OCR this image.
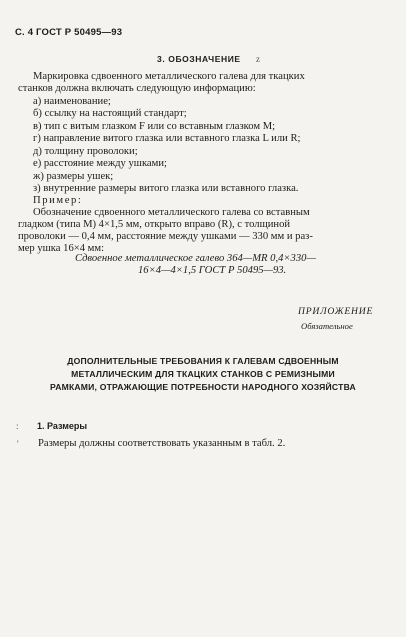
С. 4 ГОСТ Р 50495—93
3. ОБОЗНАЧЕНИЕ z
Маркировка сдвоенного металлического галева для ткацких
станков должна включать следующую информацию:
а) наименование;
б) ссылку на настоящий стандарт;
в) тип с витым глазком F или со вставным глазком M;
г) направление витого глазка или вставного глазка L или R;
д) толщину проволоки;
е) расстояние между ушками;
ж) размеры ушек;
з) внутренние размеры витого глазка или вставного глазка.
Пример:
Обозначение сдвоенного металлического галева со вставным
гладком (типа M) 4×1,5 мм, открыто вправо (R), с толщиной
проволоки — 0,4 мм, расстояние между ушками — 330 мм и раз-
мер ушка 16×4 мм:
Сдвоенное металлическое галево 364—MR 0,4×330—
16×4—4×1,5 ГОСТ Р 50495—93.
ПРИЛОЖЕНИЕ
Обязательное
ДОПОЛНИТЕЛЬНЫЕ ТРЕБОВАНИЯ К ГАЛЕВАМ СДВОЕННЫМ
МЕТАЛЛИЧЕСКИМ ДЛЯ ТКАЦКИХ СТАНКОВ С РЕМИЗНЫМИ
РАМКАМИ, ОТРАЖАЮЩИЕ ПОТРЕБНОСТИ НАРОДНОГО ХОЗЯЙСТВА
: 1. Размеры
' Размеры должны соответствовать указанным в табл. 2.
